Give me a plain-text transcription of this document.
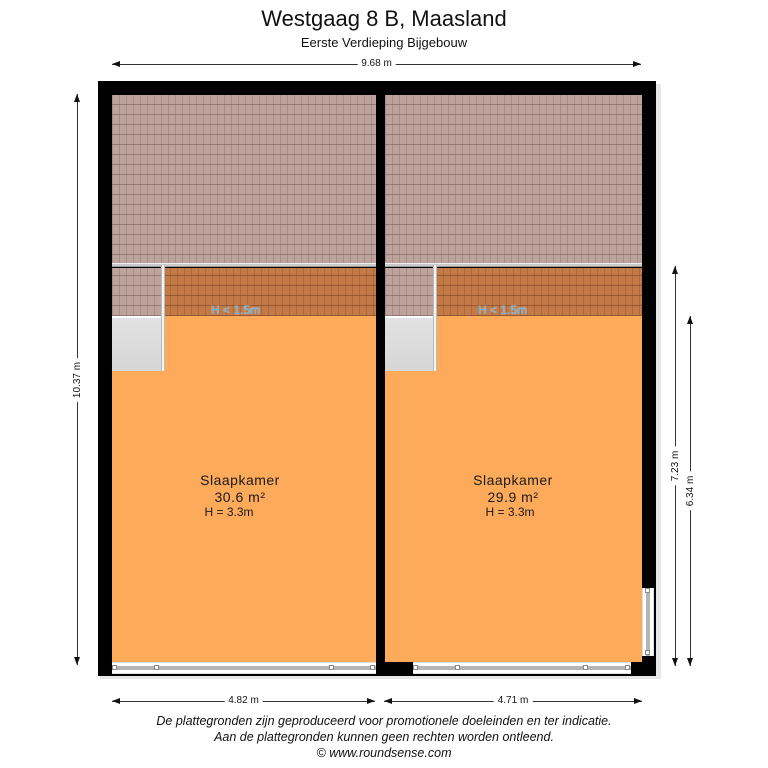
Westgaag 8 B, Maasland
Eerste Verdieping Bijgebouw
9.68 m
10.37 m
7.23 m
6.34 m
H < 1.5m
Slaapkamer
30.6 m²
H = 3.3m
H < 1.5m
Slaapkamer
29.9 m²
H = 3.3m
4.82 m	4.71 m
De plattegronden zijn geproduceerd voor promotionele doeleinden en ter indicatie.
Aan de plattegronden kunnen geen rechten worden ontleend.
© www.roundsense.com
